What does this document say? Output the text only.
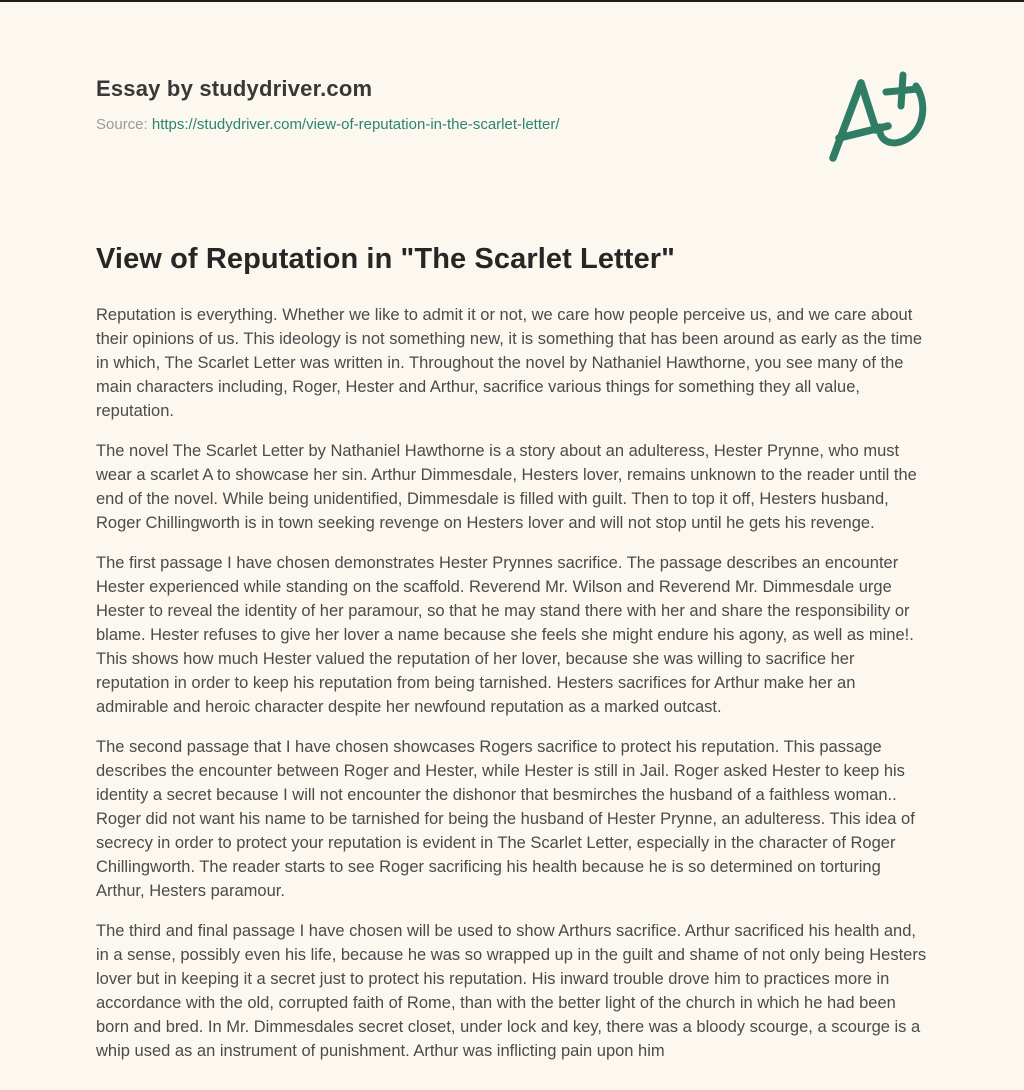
Essay by studydriver.com
Source: https://studydriver.com/view-of-reputation-in-the-scarlet-letter/
View of Reputation in "The Scarlet Letter"

Reputation is everything. Whether we like to admit it or not, we care how people perceive us, and we care about their opinions of us. This ideology is not something new, it is something that has been around as early as the time in which, The Scarlet Letter was written in. Throughout the novel by Nathaniel Hawthorne, you see many of the main characters including, Roger, Hester and Arthur, sacrifice various things for something they all value, reputation.

The novel The Scarlet Letter by Nathaniel Hawthorne is a story about an adulteress, Hester Prynne, who must wear a scarlet A to showcase her sin. Arthur Dimmesdale, Hesters lover, remains unknown to the reader until the end of the novel. While being unidentified, Dimmesdale is filled with guilt. Then to top it off, Hesters husband, Roger Chillingworth is in town seeking revenge on Hesters lover and will not stop until he gets his revenge.

The first passage I have chosen demonstrates Hester Prynnes sacrifice. The passage describes an encounter Hester experienced while standing on the scaffold. Reverend Mr. Wilson and Reverend Mr. Dimmesdale urge Hester to reveal the identity of her paramour, so that he may stand there with her and share the responsibility or blame. Hester refuses to give her lover a name because she feels she might endure his agony, as well as mine!. This shows how much Hester valued the reputation of her lover, because she was willing to sacrifice her reputation in order to keep his reputation from being tarnished. Hesters sacrifices for Arthur make her an admirable and heroic character despite her newfound reputation as a marked outcast.

The second passage that I have chosen showcases Rogers sacrifice to protect his reputation. This passage describes the encounter between Roger and Hester, while Hester is still in Jail. Roger asked Hester to keep his identity a secret because I will not encounter the dishonor that besmirches the husband of a faithless woman.. Roger did not want his name to be tarnished for being the husband of Hester Prynne, an adulteress. This idea of secrecy in order to protect your reputation is evident in The Scarlet Letter, especially in the character of Roger Chillingworth. The reader starts to see Roger sacrificing his health because he is so determined on torturing Arthur, Hesters paramour.

The third and final passage I have chosen will be used to show Arthurs sacrifice. Arthur sacrificed his health and, in a sense, possibly even his life, because he was so wrapped up in the guilt and shame of not only being Hesters lover but in keeping it a secret just to protect his reputation. His inward trouble drove him to practices more in accordance with the old, corrupted faith of Rome, than with the better light of the church in which he had been born and bred. In Mr. Dimmesdales secret closet, under lock and key, there was a bloody scourge, a scourge is a whip used as an instrument of punishment. Arthur was inflicting pain upon him
